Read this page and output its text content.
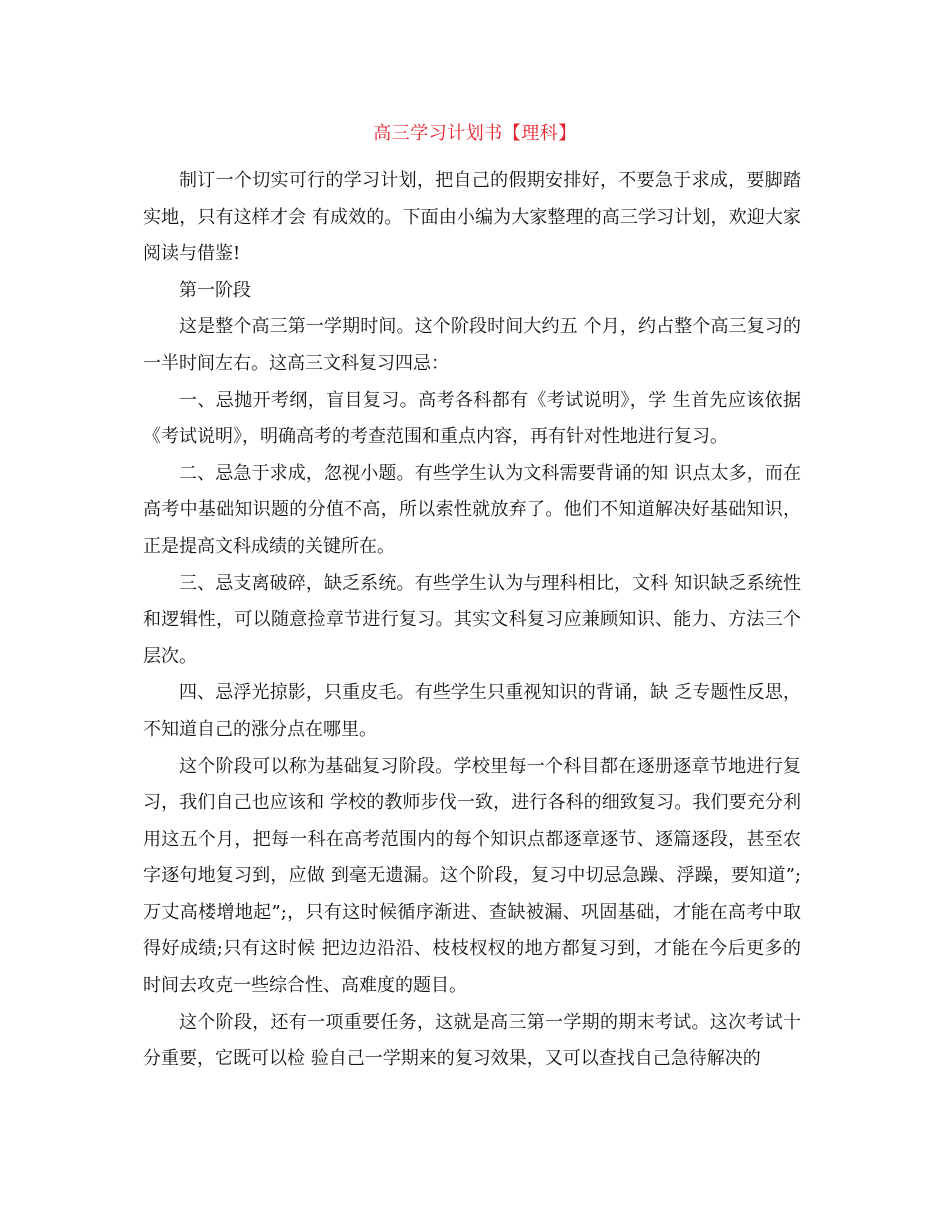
高三学习计划书【理科】

制订一个切实可行的学习计划，把自己的假期安排好，不要急于求成，要脚踏实地，只有这样才会 有成效的。下面由小编为大家整理的高三学习计划，欢迎大家阅读与借鉴!

第一阶段

这是整个高三第一学期时间。这个阶段时间大约五 个月，约占整个高三复习的一半时间左右。这高三文科复习四忌：

一、忌抛开考纲，盲目复习。高考各科都有《考试说明》，学 生首先应该依据《考试说明》，明确高考的考查范围和重点内容，再有针对性地进行复习。

二、忌急于求成，忽视小题。有些学生认为文科需要背诵的知 识点太多，而在高考中基础知识题的分值不高，所以索性就放弃了。他们不知道解决好基础知识，正是提高文科成绩的关键所在。

三、忌支离破碎，缺乏系统。有些学生认为与理科相比，文科 知识缺乏系统性和逻辑性，可以随意捡章节进行复习。其实文科复习应兼顾知识、能力、方法三个层次。

四、忌浮光掠影，只重皮毛。有些学生只重视知识的背诵，缺 乏专题性反思，不知道自己的涨分点在哪里。

这个阶段可以称为基础复习阶段。学校里每一个科目都在逐册逐章节地进行复习，我们自己也应该和 学校的教师步伐一致，进行各科的细致复习。我们要充分利用这五个月，把每一科在高考范围内的每个知识点都逐章逐节、逐篇逐段，甚至农字逐句地复习到，应做 到毫无遗漏。这个阶段，复习中切忌急躁、浮躁，要知道”;万丈高楼增地起”;，只有这时候循序渐进、查缺被漏、巩固基础，才能在高考中取得好成绩;只有这时候 把边边沿沿、枝枝杈杈的地方都复习到，才能在今后更多的时间去攻克一些综合性、高难度的题目。

这个阶段，还有一项重要任务，这就是高三第一学期的期末考试。这次考试十分重要，它既可以检 验自己一学期来的复习效果，又可以查找自己急待解决的
